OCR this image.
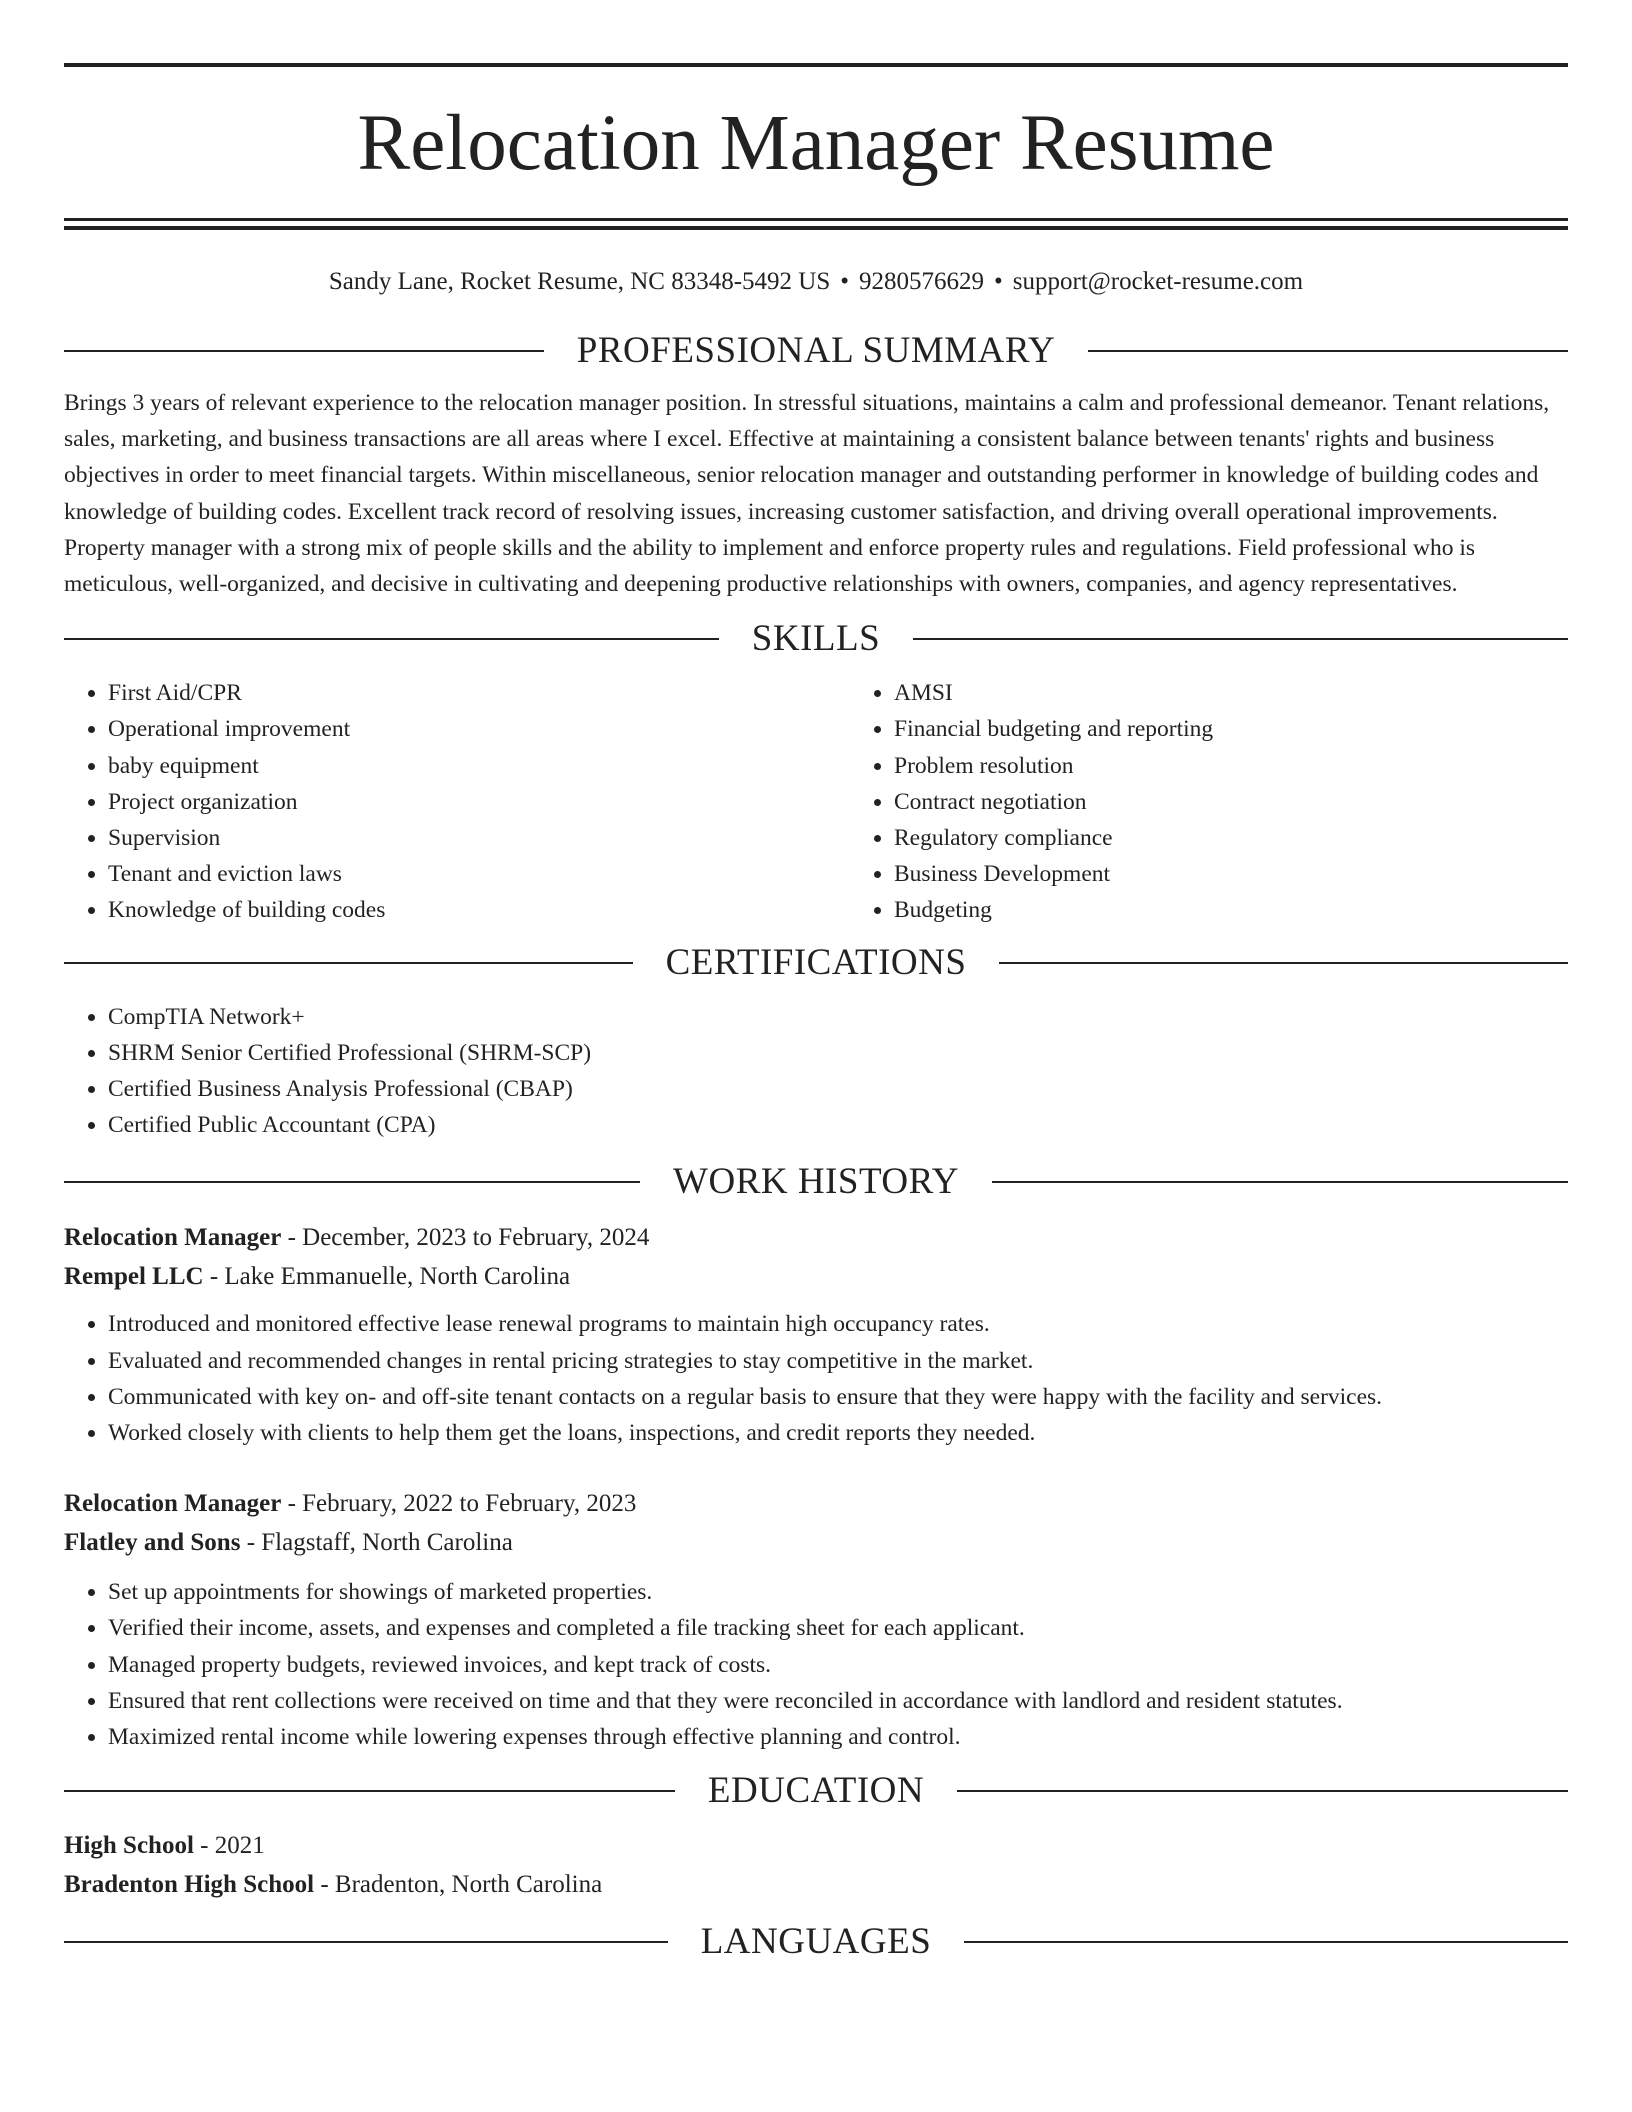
Relocation Manager Resume
Sandy Lane, Rocket Resume, NC 83348-5492 US • 9280576629 • support@rocket-resume.com
PROFESSIONAL SUMMARY

Brings 3 years of relevant experience to the relocation manager position. In stressful situations, maintains a calm and professional demeanor. Tenant relations, sales, marketing, and business transactions are all areas where I excel. Effective at maintaining a consistent balance between tenants' rights and business objectives in order to meet financial targets. Within miscellaneous, senior relocation manager and outstanding performer in knowledge of building codes and knowledge of building codes. Excellent track record of resolving issues, increasing customer satisfaction, and driving overall operational improvements. Property manager with a strong mix of people skills and the ability to implement and enforce property rules and regulations. Field professional who is meticulous, well-organized, and decisive in cultivating and deepening productive relationships with owners, companies, and agency representatives.

SKILLS
• First Aid/CPR
• Operational improvement
• baby equipment
• Project organization
• Supervision
• Tenant and eviction laws
• Knowledge of building codes
• AMSI
• Financial budgeting and reporting
• Problem resolution
• Contract negotiation
• Regulatory compliance
• Business Development
• Budgeting
CERTIFICATIONS
• CompTIA Network+
• SHRM Senior Certified Professional (SHRM-SCP)
• Certified Business Analysis Professional (CBAP)
• Certified Public Accountant (CPA)
WORK HISTORY
Relocation Manager - December, 2023 to February, 2024
Rempel LLC - Lake Emmanuelle, North Carolina
• Introduced and monitored effective lease renewal programs to maintain high occupancy rates.
• Evaluated and recommended changes in rental pricing strategies to stay competitive in the market.
• Communicated with key on- and off-site tenant contacts on a regular basis to ensure that they were happy with the facility and services.
• Worked closely with clients to help them get the loans, inspections, and credit reports they needed.
Relocation Manager - February, 2022 to February, 2023
Flatley and Sons - Flagstaff, North Carolina
• Set up appointments for showings of marketed properties.
• Verified their income, assets, and expenses and completed a file tracking sheet for each applicant.
• Managed property budgets, reviewed invoices, and kept track of costs.
• Ensured that rent collections were received on time and that they were reconciled in accordance with landlord and resident statutes.
• Maximized rental income while lowering expenses through effective planning and control.
EDUCATION
High School - 2021
Bradenton High School - Bradenton, North Carolina
LANGUAGES
